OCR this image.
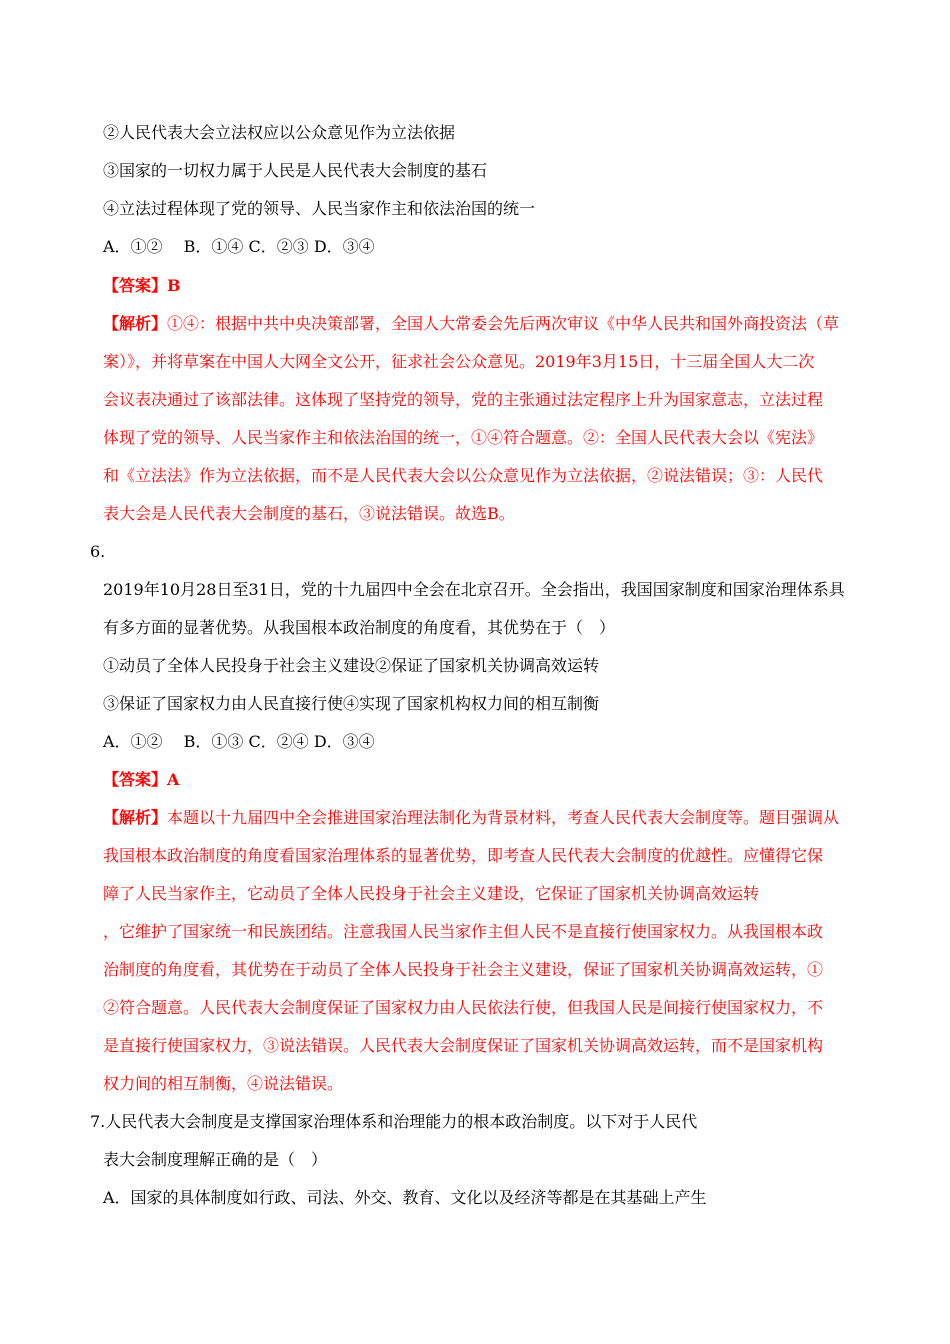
②人民代表大会立法权应以公众意见作为立法依据
③国家的一切权力属于人民是人民代表大会制度的基石
④立法过程体现了党的领导、人民当家作主和依法治国的统一
A．①②　 B．①④ C．②③ D．③④
【答案】B
【解析】①④：根据中共中央决策部署，全国人大常委会先后两次审议《中华人民共和国外商投资法（草
案）》，并将草案在中国人大网全文公开，征求社会公众意见。2019年3月15日，十三届全国人大二次
会议表决通过了该部法律。这体现了坚持党的领导，党的主张通过法定程序上升为国家意志，立法过程
体现了党的领导、人民当家作主和依法治国的统一，①④符合题意。②：全国人民代表大会以《宪法》
和《立法法》作为立法依据，而不是人民代表大会以公众意见作为立法依据，②说法错误；③：人民代
表大会是人民代表大会制度的基石，③说法错误。故选B。
6.
2019年10月28日至31日，党的十九届四中全会在北京召开。全会指出，我国国家制度和国家治理体系具
有多方面的显著优势。从我国根本政治制度的角度看，其优势在于（　）
①动员了全体人民投身于社会主义建设②保证了国家机关协调高效运转
③保证了国家权力由人民直接行使④实现了国家机构权力间的相互制衡
A．①②　 B．①③ C．②④ D．③④
【答案】A
【解析】本题以十九届四中全会推进国家治理法制化为背景材料，考查人民代表大会制度等。题目强调从
我国根本政治制度的角度看国家治理体系的显著优势，即考查人民代表大会制度的优越性。应懂得它保
障了人民当家作主，它动员了全体人民投身于社会主义建设，它保证了国家机关协调高效运转
，它维护了国家统一和民族团结。注意我国人民当家作主但人民不是直接行使国家权力。从我国根本政
治制度的角度看，其优势在于动员了全体人民投身于社会主义建设，保证了国家机关协调高效运转，①
②符合题意。人民代表大会制度保证了国家权力由人民依法行使，但我国人民是间接行使国家权力，不
是直接行使国家权力，③说法错误。人民代表大会制度保证了国家机关协调高效运转，而不是国家机构
权力间的相互制衡，④说法错误。
7.人民代表大会制度是支撑国家治理体系和治理能力的根本政治制度。以下对于人民代
表大会制度理解正确的是（　）
A．国家的具体制度如行政、司法、外交、教育、文化以及经济等都是在其基础上产生
